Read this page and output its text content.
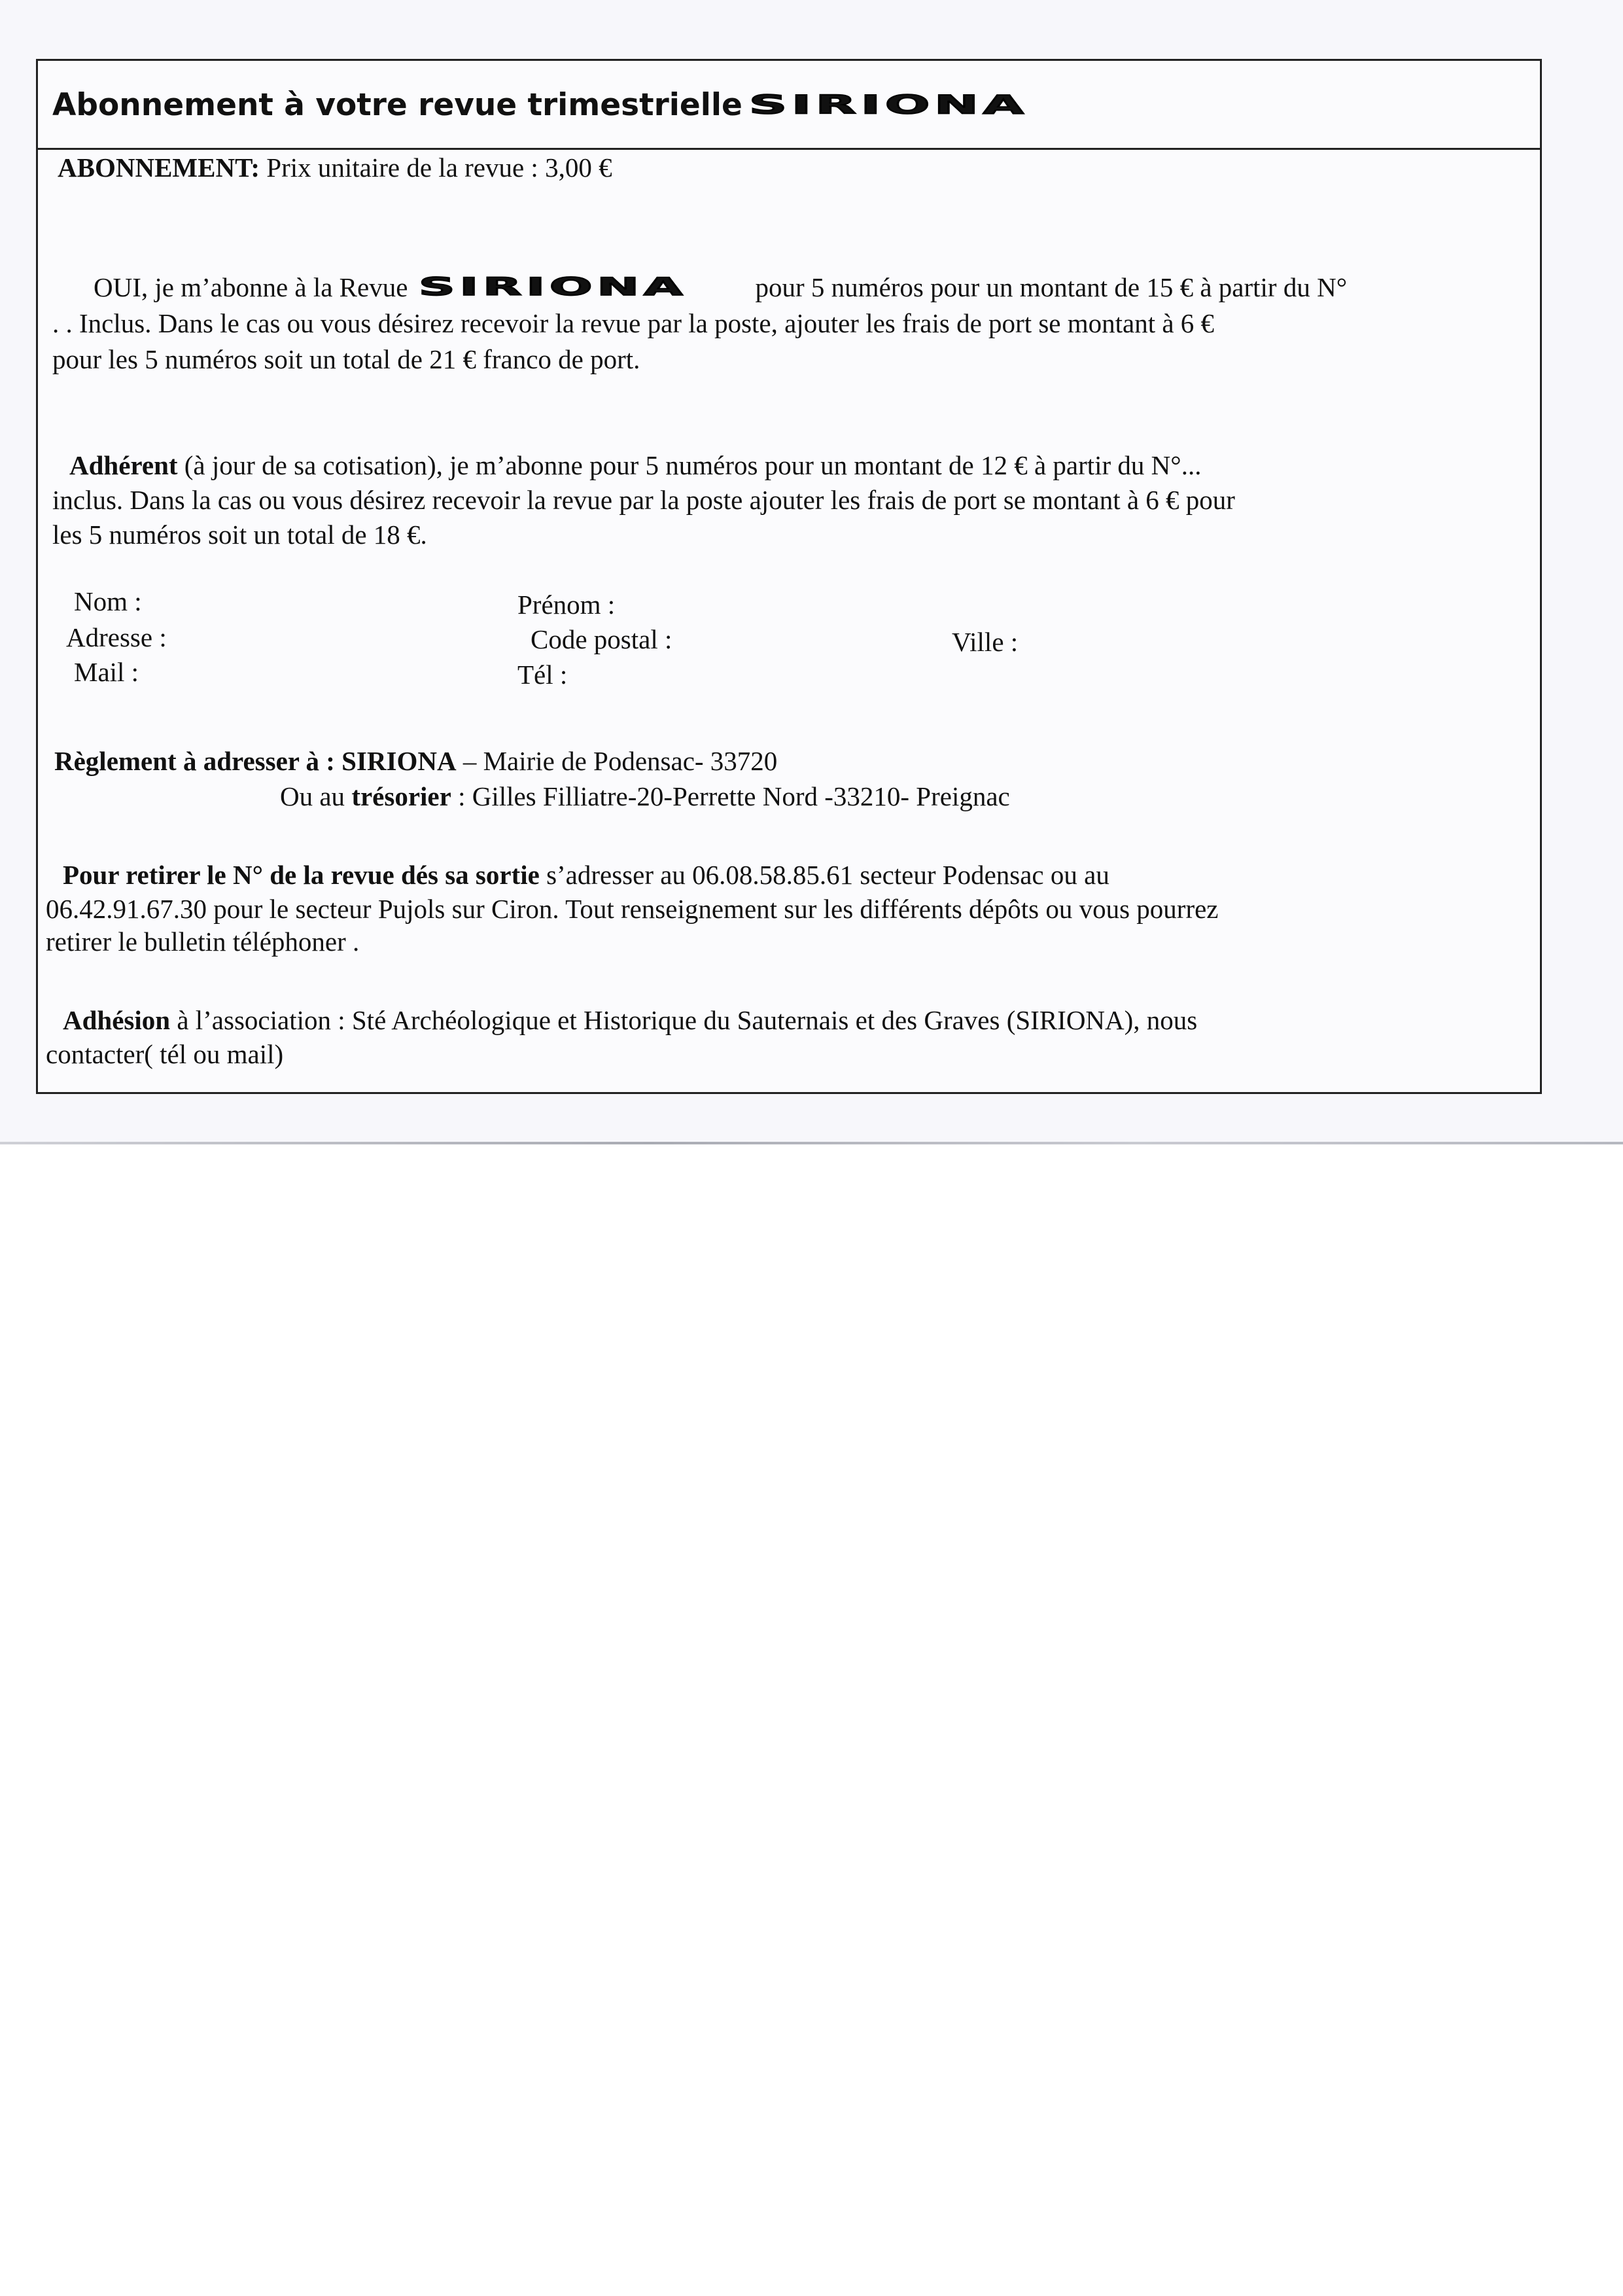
Abonnement à votre revue trimestrielle SIRIONA
ABONNEMENT: Prix unitaire de la revue : 3,00 €
OUI, je m’abonne à la Revue SIRIONA	pour 5 numéros pour un montant de 15 € à partir du N°
. . Inclus. Dans le cas ou vous désirez recevoir la revue par la poste, ajouter les frais de port se montant à 6 €
pour les 5 numéros soit un total de 21 € franco de port.
Adhérent (à jour de sa cotisation), je m’abonne pour 5 numéros pour un montant de 12 € à partir du N°...
inclus. Dans la cas ou vous désirez recevoir la revue par la poste ajouter les frais de port se montant à 6 € pour
les 5 numéros soit un total de 18 €.
Nom :
Adresse :
Mail :
Prénom :
Code postal :
Tél :
Ville :
Règlement à adresser à : SIRIONA – Mairie de Podensac- 33720
Ou au trésorier : Gilles Filliatre-20-Perrette Nord -33210- Preignac
Pour retirer le N° de la revue dés sa sortie s’adresser au 06.08.58.85.61 secteur Podensac ou au
06.42.91.67.30 pour le secteur Pujols sur Ciron. Tout renseignement sur les différents dépôts ou vous pourrez
retirer le bulletin téléphoner .
Adhésion à l’association : Sté Archéologique et Historique du Sauternais et des Graves (SIRIONA), nous
contacter( tél ou mail)
